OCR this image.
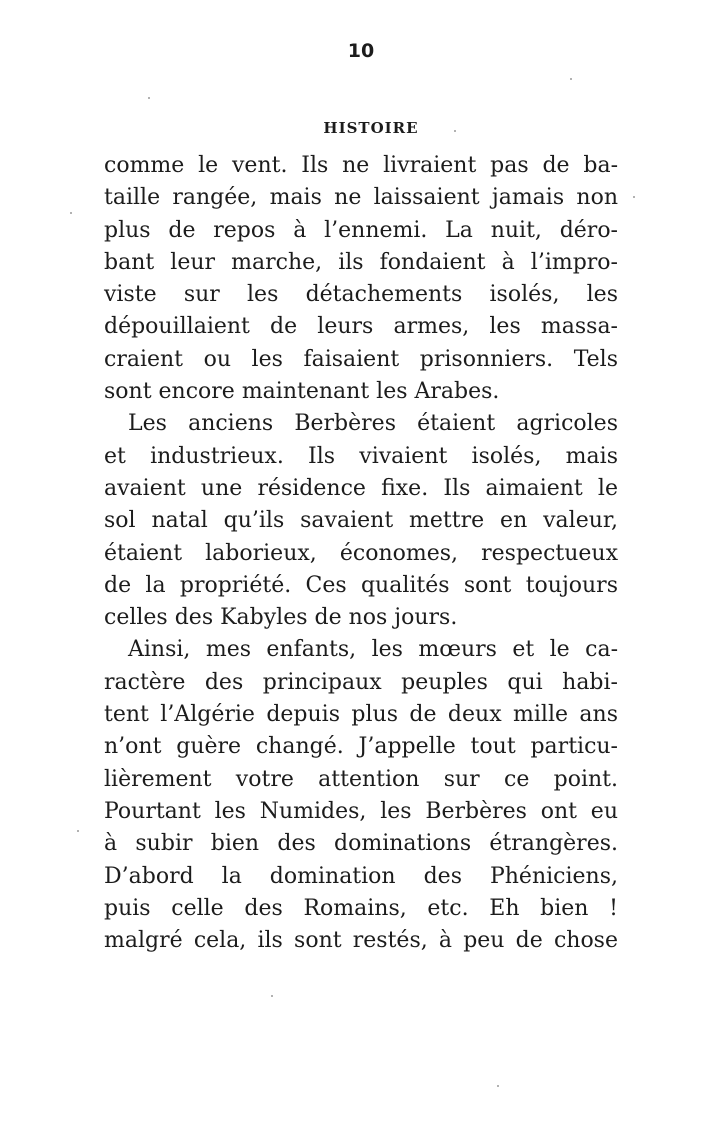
10
HISTOIRE
comme le vent. Ils ne livraient pas de ba-
taille rangée, mais ne laissaient jamais non
plus de repos à l’ennemi. La nuit, déro-
bant leur marche, ils fondaient à l’impro-
viste sur les détachements isolés, les
dépouillaient de leurs armes, les massa-
craient ou les faisaient prisonniers. Tels
sont encore maintenant les Arabes.
Les anciens Berbères étaient agricoles
et industrieux. Ils vivaient isolés, mais
avaient une résidence fixe. Ils aimaient le
sol natal qu’ils savaient mettre en valeur,
étaient laborieux, économes, respectueux
de la propriété. Ces qualités sont toujours
celles des Kabyles de nos jours.
Ainsi, mes enfants, les mœurs et le ca-
ractère des principaux peuples qui habi-
tent l’Algérie depuis plus de deux mille ans
n’ont guère changé. J’appelle tout particu-
lièrement votre attention sur ce point.
Pourtant les Numides, les Berbères ont eu
à subir bien des dominations étrangères.
D’abord la domination des Phéniciens,
puis celle des Romains, etc. Eh bien !
malgré cela, ils sont restés, à peu de chose
